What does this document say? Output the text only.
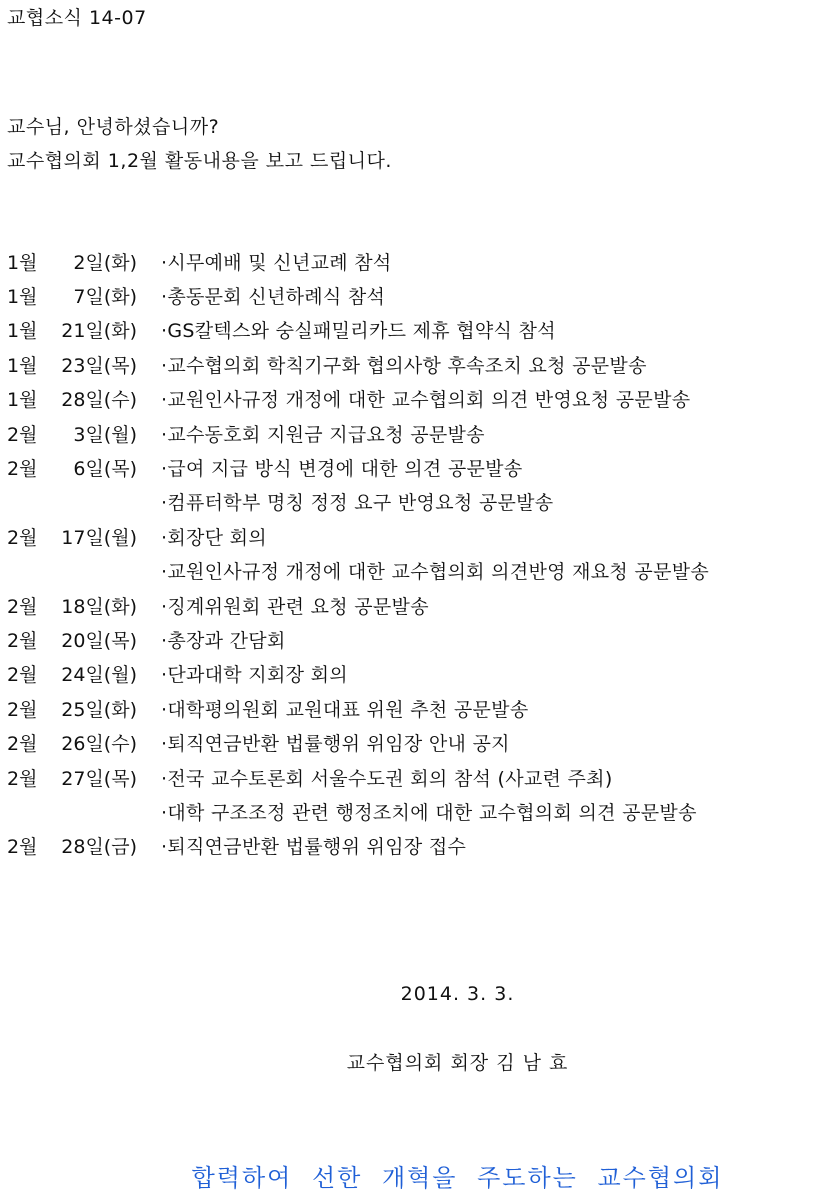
교협소식 14-07
교수님, 안녕하셨습니까?
교수협의회 1,2월 활동내용을 보고 드립니다.
1월	2일(화) ·시무예배 및 신년교례 참석
1월	7일(화) ·총동문회 신년하례식 참석
1월	21일(화) ·GS칼텍스와 숭실패밀리카드 제휴 협약식 참석
1월	23일(목) ·교수협의회 학칙기구화 협의사항 후속조치 요청 공문발송
1월	28일(수) ·교원인사규정 개정에 대한 교수협의회 의견 반영요청 공문발송
2월	3일(월) ·교수동호회 지원금 지급요청 공문발송
2월	6일(목) ·급여 지급 방식 변경에 대한 의견 공문발송
·컴퓨터학부 명칭 정정 요구 반영요청 공문발송
2월	17일(월) ·회장단 회의
·교원인사규정 개정에 대한 교수협의회 의견반영 재요청 공문발송
2월	18일(화) ·징계위원회 관련 요청 공문발송
2월	20일(목) ·총장과 간담회
2월	24일(월) ·단과대학 지회장 회의
2월	25일(화) ·대학평의원회 교원대표 위원 추천 공문발송
2월	26일(수) ·퇴직연금반환 법률행위 위임장 안내 공지
2월	27일(목) ·전국 교수토론회 서울수도권 회의 참석 (사교련 주최)
·대학 구조조정 관련 행정조치에 대한 교수협의회 의견 공문발송
2월	28일(금) ·퇴직연금반환 법률행위 위임장 접수
2014. 3. 3.
교수협의회 회장 김 남 효
합력하여 선한 개혁을 주도하는 교수협의회
